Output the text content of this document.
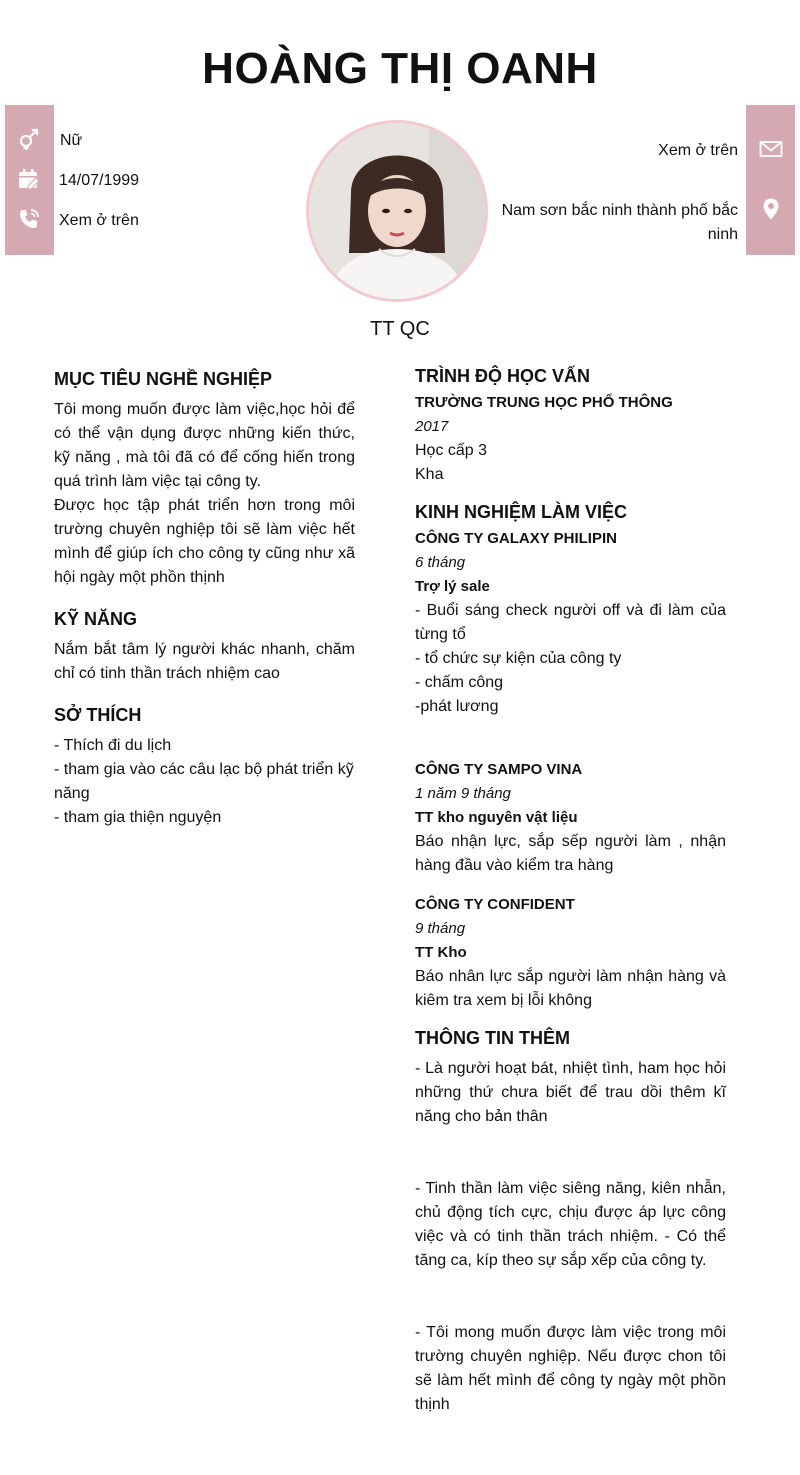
HOÀNG THỊ OANH
Nữ
14/07/1999
Xem ở trên
Xem ở trên
Nam sơn bắc ninh thành phố bắc ninh
TT QC
MỤC TIÊU NGHỀ NGHIỆP

Tôi mong muốn được làm việc,học hỏi để có thể vận dụng được những kiến thức, kỹ năng , mà tôi đã có để cống hiến trong quá trình làm việc tại công ty.

Được học tập phát triển hơn trong môi trường chuyên nghiệp tôi sẽ làm việc hết mình để giúp ích cho công ty cũng như xã hội ngày một phồn thịnh

KỸ NĂNG

Nắm bắt tâm lý người khác nhanh, chăm chỉ có tinh thần trách nhiệm cao

SỞ THÍCH
- Thích đi du lịch
- tham gia vào các câu lạc bộ phát triển kỹ năng
- tham gia thiện nguyện
TRÌNH ĐỘ HỌC VẤN
TRƯỜNG TRUNG HỌC PHỔ THÔNG
2017
Học cấp 3
Kha
KINH NGHIỆM LÀM VIỆC
CÔNG TY GALAXY PHILIPIN
6 tháng
Trợ lý sale

- Buổi sáng check người off và đi làm của từng tổ

- tổ chức sự kiện của công ty
- chấm công
-phát lương
CÔNG TY SAMPO VINA
1 năm 9 tháng
TT kho nguyên vật liệu

Báo nhận lực, sắp sếp người làm , nhận hàng đầu vào kiểm tra hàng

CÔNG TY CONFIDENT
9 tháng
TT Kho

Báo nhân lực sắp người làm nhận hàng và kiêm tra xem bị lỗi không

THÔNG TIN THÊM

- Là người hoạt bát, nhiệt tình, ham học hỏi những thứ chưa biết để trau dồi thêm kĩ năng cho bản thân

- Tinh thần làm việc siêng năng, kiên nhẫn, chủ động tích cực, chịu được áp lực công việc và có tinh thần trách nhiệm. - Có thể tăng ca, kíp theo sự sắp xếp của công ty.

- Tôi mong muốn được làm việc trong môi trường chuyên nghiệp. Nếu được chon tôi sẽ làm hết mình để công ty ngày một phồn thịnh
